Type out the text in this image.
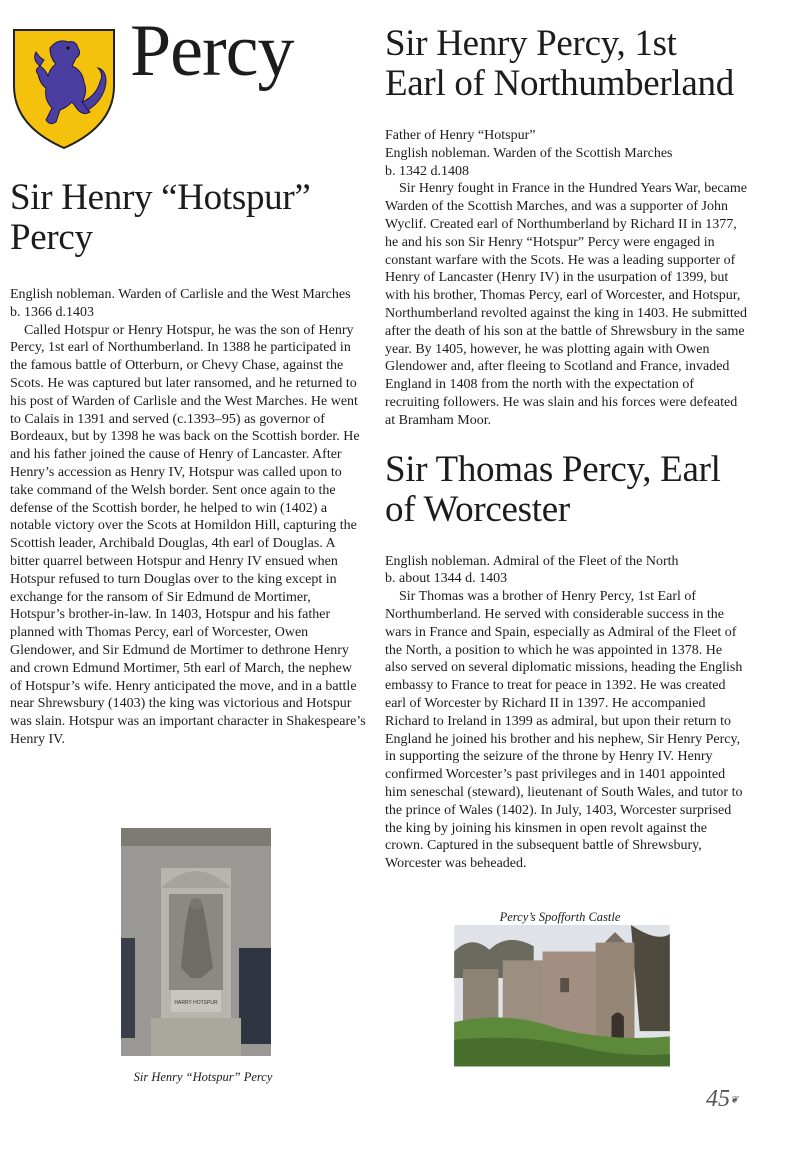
Percy
Sir Henry “Hotspur”
Percy

English nobleman. Warden of Carlisle and the West Marches

b. 1366 d.1403

Called Hotspur or Henry Hotspur, he was the son of Henry Percy, 1st earl of Northumberland. In 1388 he participated in the famous battle of Otterburn, or Chevy Chase, against the Scots. He was captured but later ransomed, and he returned to his post of Warden of Carlisle and the West Marches. He went to Calais in 1391 and served (c.1393–95) as governor of Bordeaux, but by 1398 he was back on the Scottish border. He and his father joined the cause of Henry of Lancaster. After Henry’s accession as Henry IV, Hotspur was called upon to take command of the Welsh border. Sent once again to the defense of the Scottish border, he helped to win (1402) a notable victory over the Scots at Homildon Hill, capturing the Scottish leader, Archibald Douglas, 4th earl of Douglas. A bitter quarrel between Hotspur and Henry IV ensued when Hotspur refused to turn Douglas over to the king except in exchange for the ransom of Sir Edmund de Mortimer, Hotspur’s brother-in-law. In 1403, Hotspur and his father planned with Thomas Percy, earl of Worcester, Owen Glendower, and Sir Edmund de Mortimer to dethrone Henry and crown Edmund Mortimer, 5th earl of March, the nephew of Hotspur’s wife. Henry anticipated the move, and in a battle near Shrewsbury (1403) the king was victorious and Hotspur was slain. Hotspur was an important character in Shakespeare’s Henry IV.

HARRY HOTSPUR
Sir Henry “Hotspur” Percy
Sir Henry Percy, 1st
Earl of Northumberland

Father of Henry “Hotspur”

English nobleman. Warden of the Scottish Marches

b. 1342 d.1408

Sir Henry fought in France in the Hundred Years War, became Warden of the Scottish Marches, and was a supporter of John Wyclif. Created earl of Northumberland by Richard II in 1377, he and his son Sir Henry “Hotspur” Percy were engaged in constant warfare with the Scots. He was a leading supporter of Henry of Lancaster (Henry IV) in the usurpation of 1399, but with his brother, Thomas Percy, earl of Worcester, and Hotspur, Northumberland revolted against the king in 1403. He submitted after the death of his son at the battle of Shrewsbury in the same year. By 1405, however, he was plotting again with Owen Glendower and, after fleeing to Scotland and France, invaded England in 1408 from the north with the expectation of recruiting followers. He was slain and his forces were defeated at Bramham Moor.

Sir Thomas Percy, Earl
of Worcester

English nobleman. Admiral of the Fleet of the North

b. about 1344 d. 1403

Sir Thomas was a brother of Henry Percy, 1st Earl of Northumberland. He served with considerable success in the wars in France and Spain, especially as Admiral of the Fleet of the North, a position to which he was appointed in 1378. He also served on several diplomatic missions, heading the English embassy to France to treat for peace in 1392. He was created earl of Worcester by Richard II in 1397. He accompanied Richard to Ireland in 1399 as admiral, but upon their return to England he joined his brother and his nephew, Sir Henry Percy, in supporting the seizure of the throne by Henry IV. Henry confirmed Worcester’s past privileges and in 1401 appointed him seneschal (steward), lieutenant of South Wales, and tutor to the prince of Wales (1402). In July, 1403, Worcester surprised the king by joining his kinsmen in open revolt against the crown. Captured in the subsequent battle of Shrewsbury, Worcester was beheaded.

Percy’s Spofforth Castle
45❦
